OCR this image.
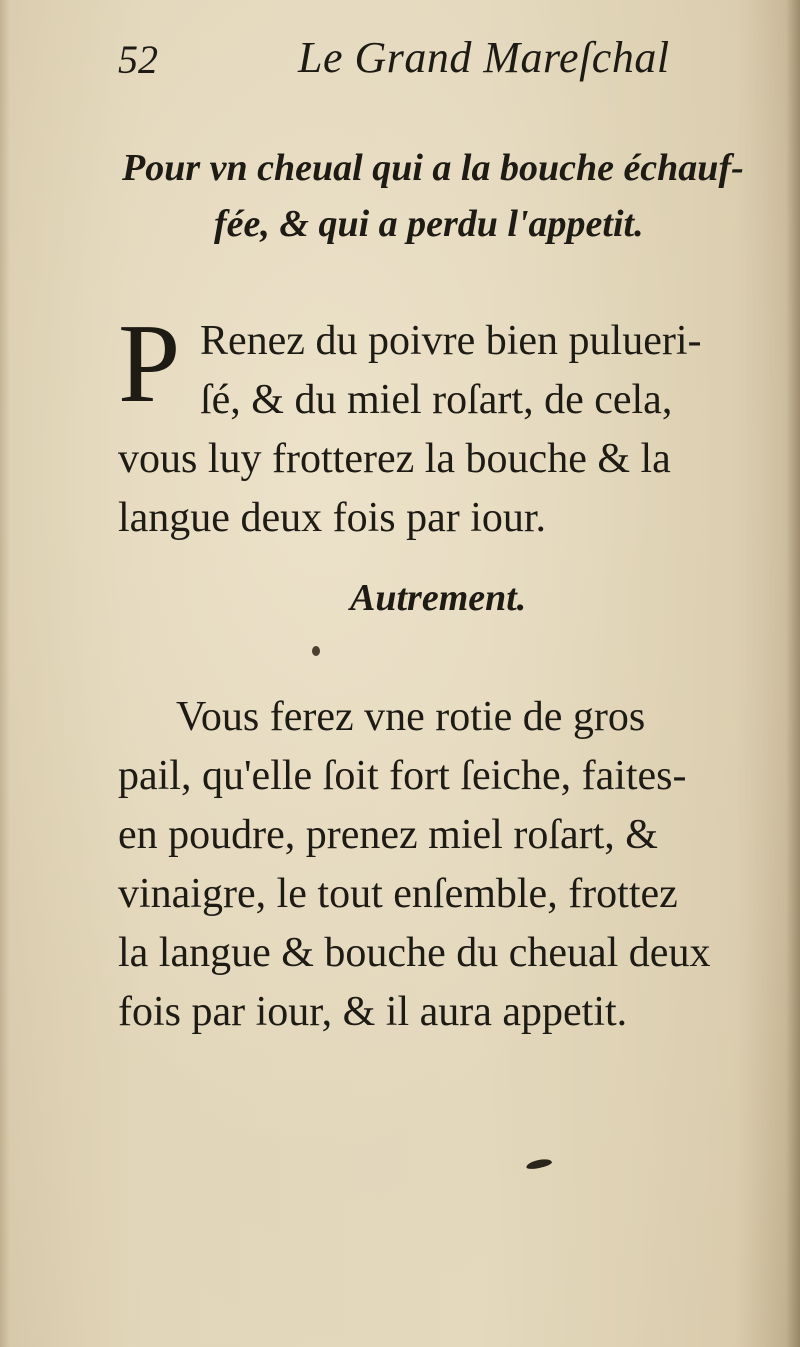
52	Le Grand Mareſchal
Pour vn cheual qui a la bouche échauf-
fée, & qui a perdu l'appetit.
P Renez du poivre bien pulueri-
ſé, & du miel roſart, de cela,
vous luy frotterez la bouche & la
langue deux fois par iour.
Autrement.
Vous ferez vne rotie de gros
pail, qu'elle ſoit fort ſeiche, faites-
en poudre, prenez miel roſart, &
vinaigre, le tout enſemble, frottez
la langue & bouche du cheual deux
fois par iour, & il aura appetit.
